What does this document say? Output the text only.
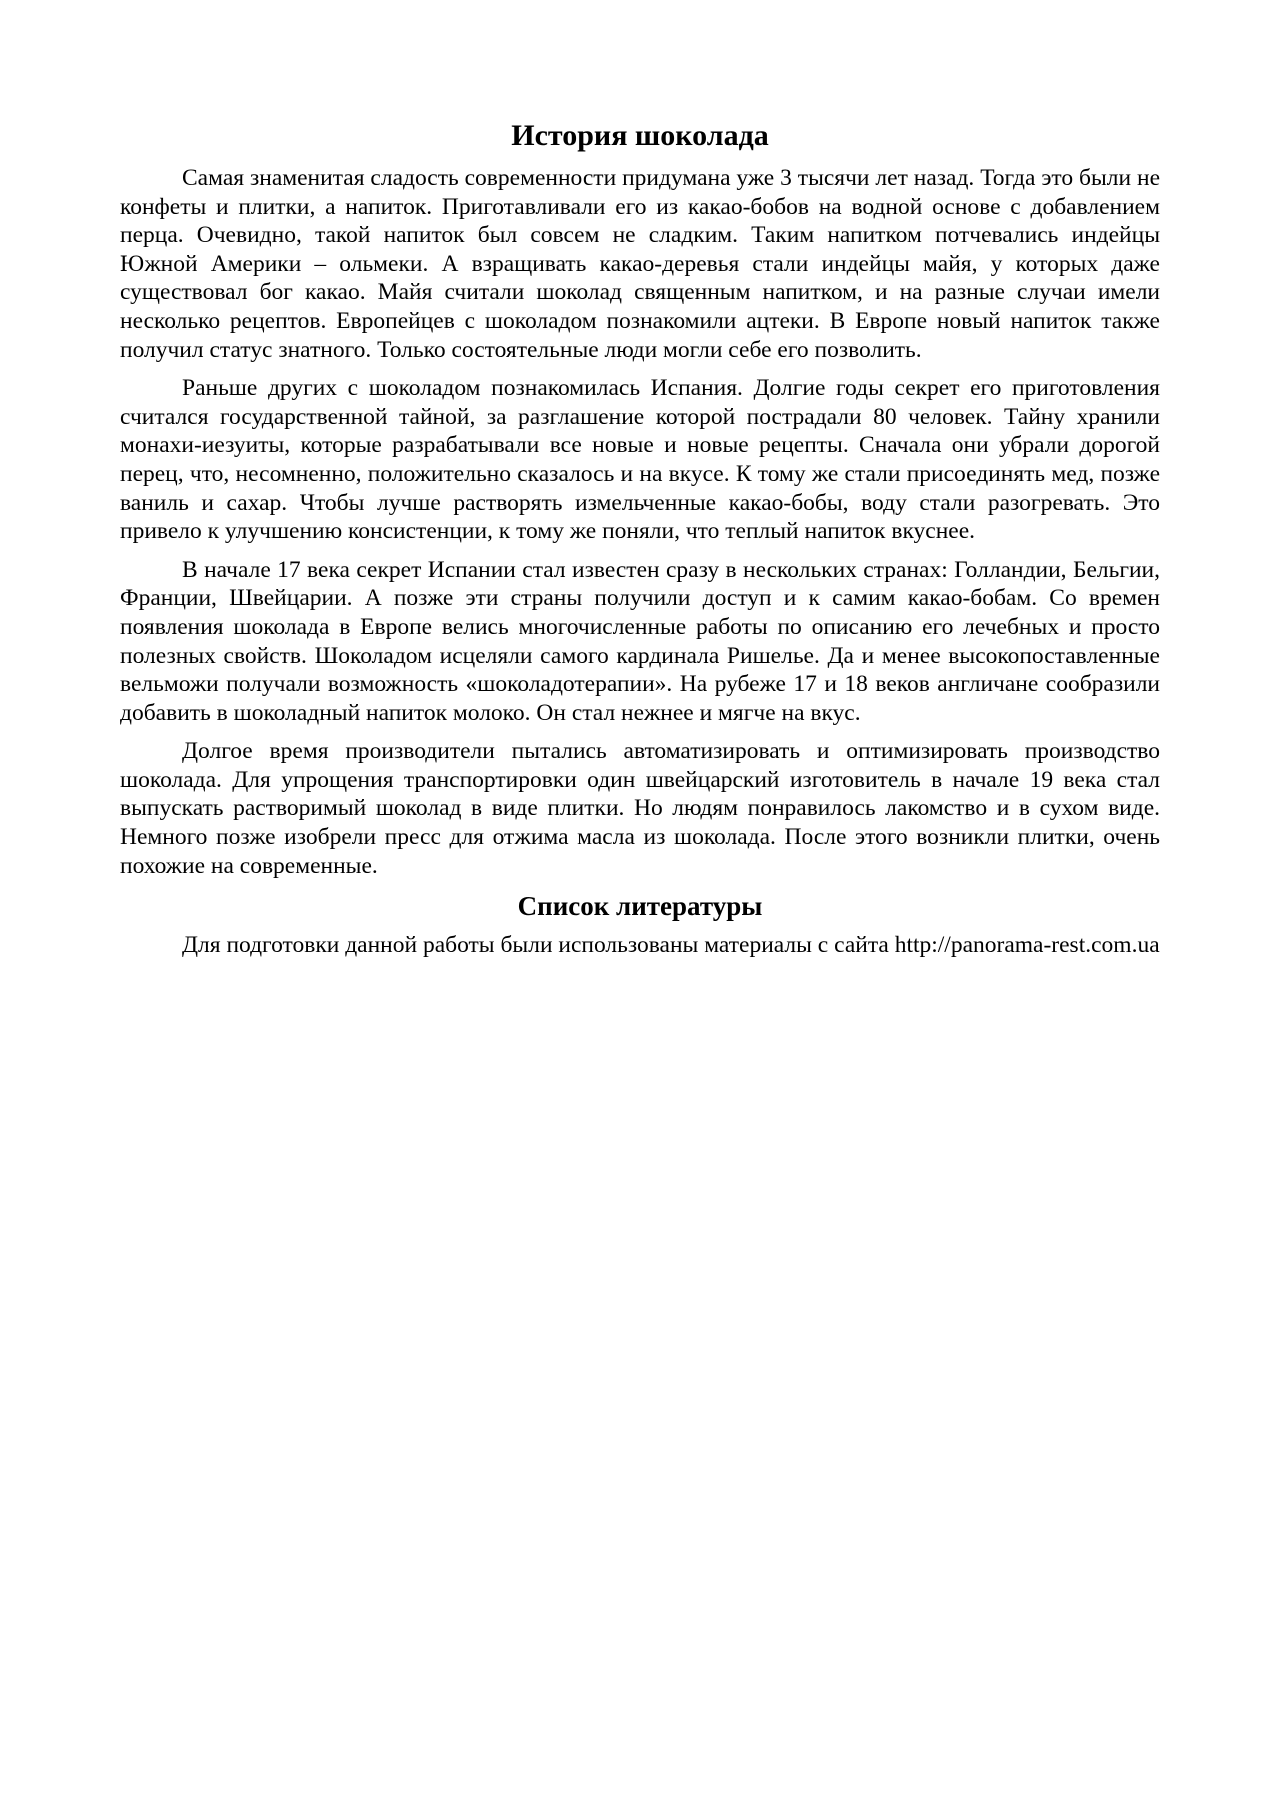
История шоколада

Самая знаменитая сладость современности придумана уже 3 тысячи лет назад. Тогда это были не конфеты и плитки, а напиток. Приготавливали его из какао-бобов на водной основе с добавлением перца. Очевидно, такой напиток был совсем не сладким. Таким напитком потчевались индейцы Южной Америки – ольмеки. А взращивать какао-деревья стали индейцы майя, у которых даже существовал бог какао. Майя считали шоколад священным напитком, и на разные случаи имели несколько рецептов. Европейцев с шоколадом познакомили ацтеки. В Европе новый напиток также получил статус знатного. Только состоятельные люди могли себе его позволить.

Раньше других с шоколадом познакомилась Испания. Долгие годы секрет его приготовления считался государственной тайной, за разглашение которой пострадали 80 человек. Тайну хранили монахи-иезуиты, которые разрабатывали все новые и новые рецепты. Сначала они убрали дорогой перец, что, несомненно, положительно сказалось и на вкусе. К тому же стали присоединять мед, позже ваниль и сахар. Чтобы лучше растворять измельченные какао-бобы, воду стали разогревать. Это привело к улучшению консистенции, к тому же поняли, что теплый напиток вкуснее.

В начале 17 века секрет Испании стал известен сразу в нескольких странах: Голландии, Бельгии, Франции, Швейцарии. А позже эти страны получили доступ и к самим какао-бобам. Со времен появления шоколада в Европе велись многочисленные работы по описанию его лечебных и просто полезных свойств. Шоколадом исцеляли самого кардинала Ришелье. Да и менее высокопоставленные вельможи получали возможность «шоколадотерапии». На рубеже 17 и 18 веков англичане сообразили добавить в шоколадный напиток молоко. Он стал нежнее и мягче на вкус.

Долгое время производители пытались автоматизировать и оптимизировать производство шоколада. Для упрощения транспортировки один швейцарский изготовитель в начале 19 века стал выпускать растворимый шоколад в виде плитки. Но людям понравилось лакомство и в сухом виде. Немного позже изобрели пресс для отжима масла из шоколада. После этого возникли плитки, очень похожие на современные.

Список литературы

Для подготовки данной работы были использованы материалы с сайта http://panorama-rest.com.ua
